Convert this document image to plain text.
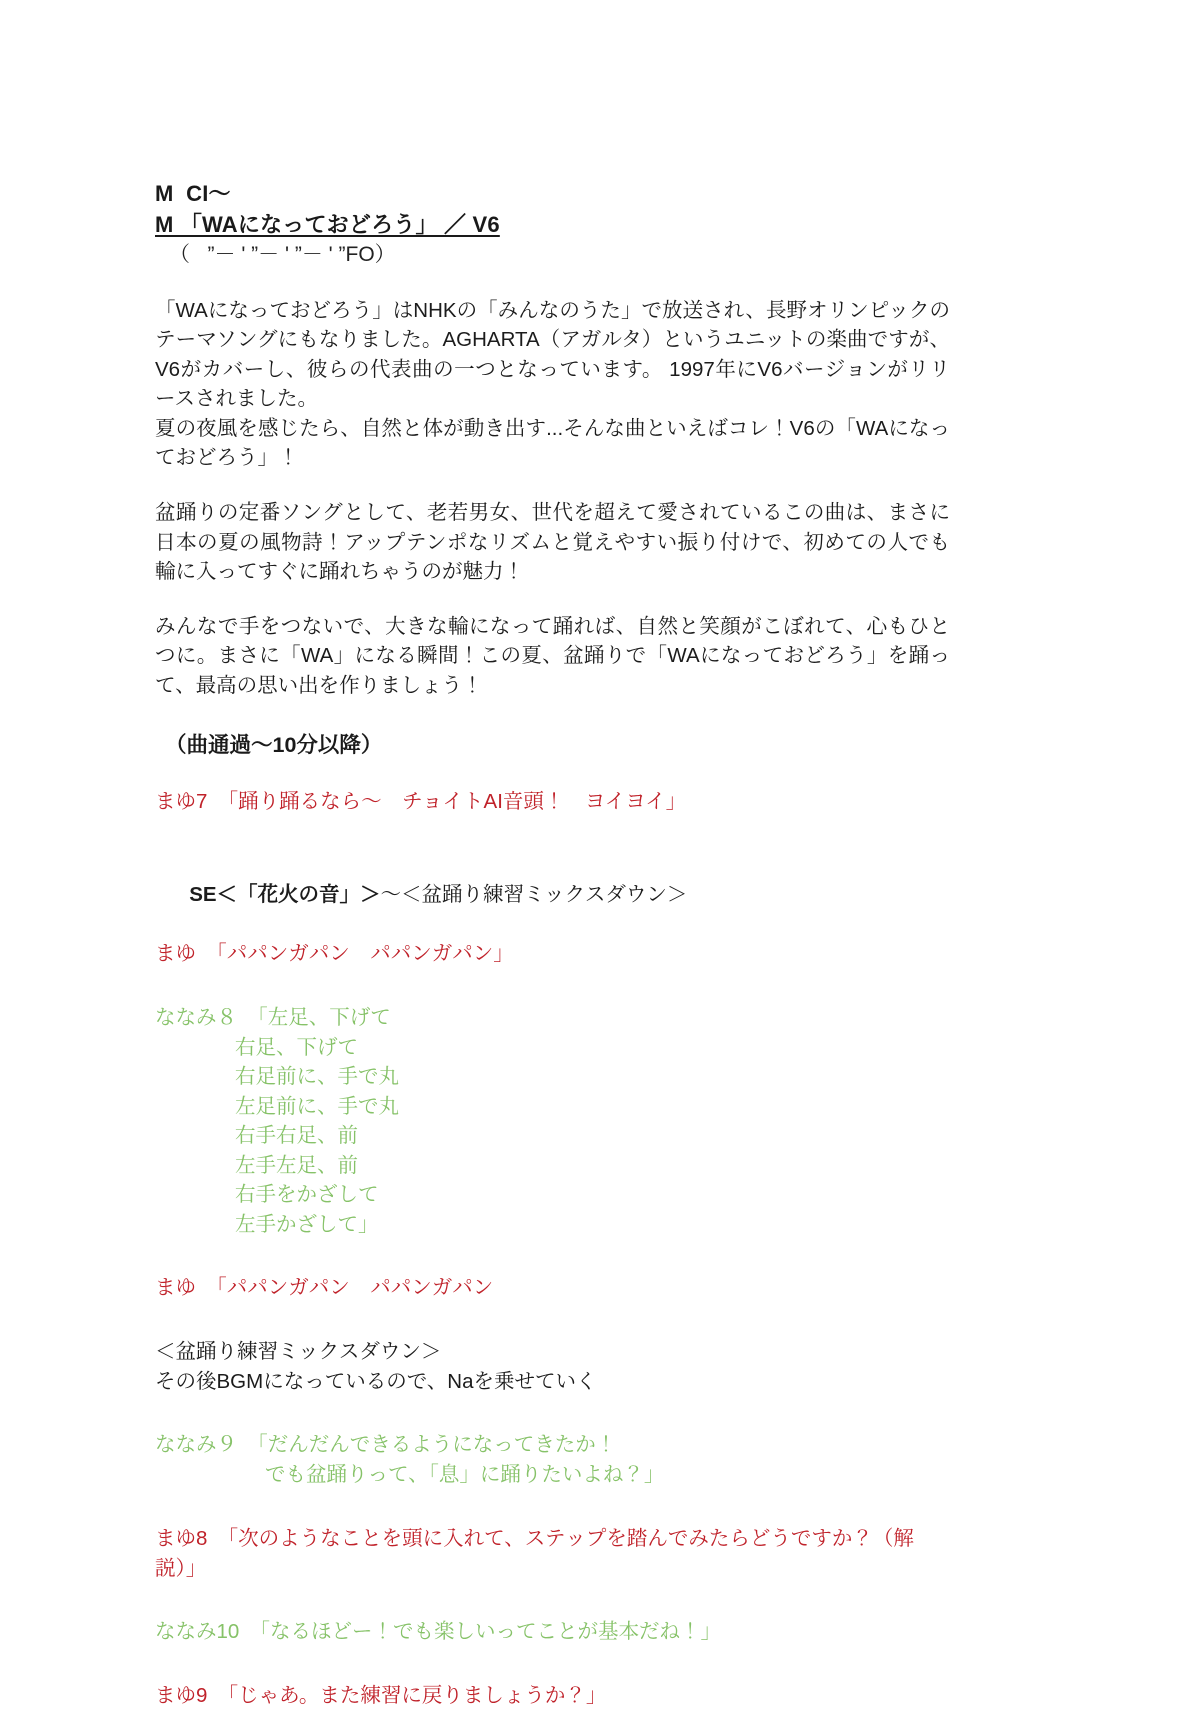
M  CI～
M 「WAになっておどろう」 ／ V6
（   ”－ ' ”－ ' ”－ ' ”FO）
「WAになっておどろう」はNHKの「みんなのうた」で放送され、長野オリンピックのテーマソングにもなりました。AGHARTA（アガルタ）というユニットの楽曲ですが、V6がカバーし、彼らの代表曲の一つとなっています。 1997年にV6バージョンがリリースされました。
夏の夜風を感じたら、自然と体が動き出す...そんな曲といえばコレ！V6の「WAになっておどろう」！
盆踊りの定番ソングとして、老若男女、世代を超えて愛されているこの曲は、まさに日本の夏の風物詩！アップテンポなリズムと覚えやすい振り付けで、初めての人でも輪に入ってすぐに踊れちゃうのが魅力！
みんなで手をつないで、大きな輪になって踊れば、自然と笑顔がこぼれて、心もひとつに。まさに「WA」になる瞬間！この夏、盆踊りで「WAになっておどろう」を踊って、最高の思い出を作りましょう！
（曲通過～10分以降）
まゆ7　「踊り踊るなら～　チョイトAI音頭！　ヨイヨイ」

SE＜「花火の音」＞～＜盆踊り練習ミックスダウン＞

まゆ　「パパンガパン　パパンガパン」
ななみ８　「左足、下げて
右足、下げて
右足前に、手で丸
左足前に、手で丸
右手右足、前
左手左足、前
右手をかざして
左手かざして」
まゆ　「パパンガパン　パパンガパン
＜盆踊り練習ミックスダウン＞
その後BGMになっているので、Naを乗せていく
ななみ９　「だんだんできるようになってきたか！
でも盆踊りって、「息」に踊りたいよね？」
まゆ8　「次のようなことを頭に入れて、ステップを踏んでみたらどうですか？（解説）」
ななみ10　「なるほどー！でも楽しいってことが基本だね！」
まゆ9　「じゃあ。また練習に戻りましょうか？」
